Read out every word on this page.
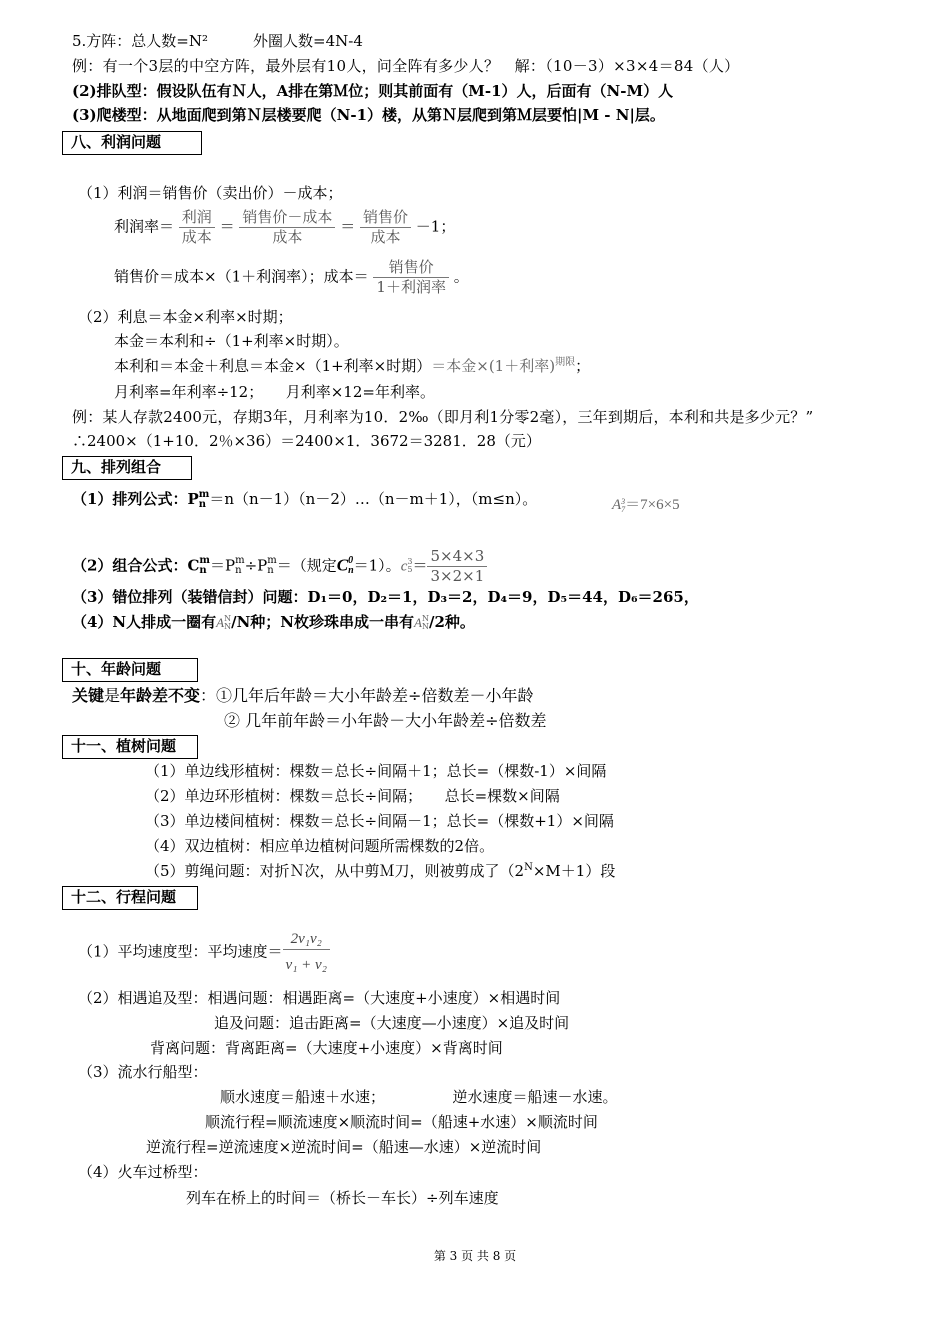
5.方阵：总人数=N²　　　外圈人数=4N-4
例：有一个3层的中空方阵，最外层有10人，问全阵有多少人？　解：（10－3）×3×4＝84（人）
(2)排队型：假设队伍有Ｎ人，A排在第Ｍ位；则其前面有（M-1）人，后面有（N-M）人
(3)爬楼型：从地面爬到第Ｎ层楼要爬（N-1）楼，从第Ｎ层爬到第Ｍ层要怕|M - N|层。
八、利润问题
（1）利润＝销售价（卖出价）－成本；
利润率＝ $\frac{\text{利润}}{\text{成本}} = \frac{\text{销售价－成本}}{\text{成本}} = \frac{\text{销售价}}{\text{成本}} -1$；
销售价＝成本×（1＋利润率）；成本＝ $\frac{\text{销售价}}{\text{1＋利润率}}$ 。
（2）利息＝本金×利率×时期；
本金＝本利和÷（1+利率×时期）。
本利和＝本金＋利息＝本金×（1+利率×时期）＝本金×(1＋利率)$^{期限}$；
月利率=年利率÷12；　　月利率×12=年利率。
例：某人存款2400元，存期3年，月利率为10．2‰（即月利1分零2毫），三年到期后，本利和共是多少元？”
∴2400×（1+10．2％×36）＝2400×1．3672＝3281．28（元）
九、排列组合
（1）排列公式：P m
n ＝n（n－1）（n－2）…（n－m＋1），（m≤n）。	A 3
7 ＝7×6×5
（2）组合公式：C m
n ＝P m
n ÷P m
n ＝（规定C 0
n ＝1）。c 3
$5 = \frac{5\times 4\times 3}{3\times 2\times 1}$
（3）错位排列（装错信封）问题：D₁＝0，D₂＝1，D₃＝2，D₄＝9，D₅＝44，D₆＝265，
（4）N人排成一圈有A N
N /N种；N枚珍珠串成一串有A N
N /2种。
十、年龄问题
关键是年龄差不变：①几年后年龄＝大小年龄差÷倍数差－小年龄
② 几年前年龄＝小年龄－大小年龄差÷倍数差
十一、植树问题
（1）单边线形植树：棵数＝总长÷间隔＋1；总长=（棵数-1）×间隔
（2）单边环形植树：棵数＝总长÷间隔；　　总长=棵数×间隔
（3）单边楼间植树：棵数＝总长÷间隔－1；总长=（棵数+1）×间隔
（4）双边植树：相应单边植树问题所需棵数的2倍。
（5）剪绳问题：对折Ｎ次，从中剪Ｍ刀，则被剪成了$(2^N\times M+1)$段
十二、行程问题
（1）平均速度型：平均速度＝ $\frac{\text{2v₁v₂}}{\text{v₁ + v₂}}$
（2）相遇追及型：相遇问题：相遇距离=（大速度+小速度）×相遇时间
追及问题：追击距离=（大速度—小速度）×追及时间
背离问题：背离距离=（大速度+小速度）×背离时间
（3）流水行船型：
顺水速度＝船速＋水速；　　　　　逆水速度＝船速－水速。
顺流行程=顺流速度×顺流时间=（船速+水速）×顺流时间
逆流行程=逆流速度×逆流时间=（船速—水速）×逆流时间
（4）火车过桥型：
列车在桥上的时间＝（桥长－车长）÷列车速度
第 3 页 共 8 页
